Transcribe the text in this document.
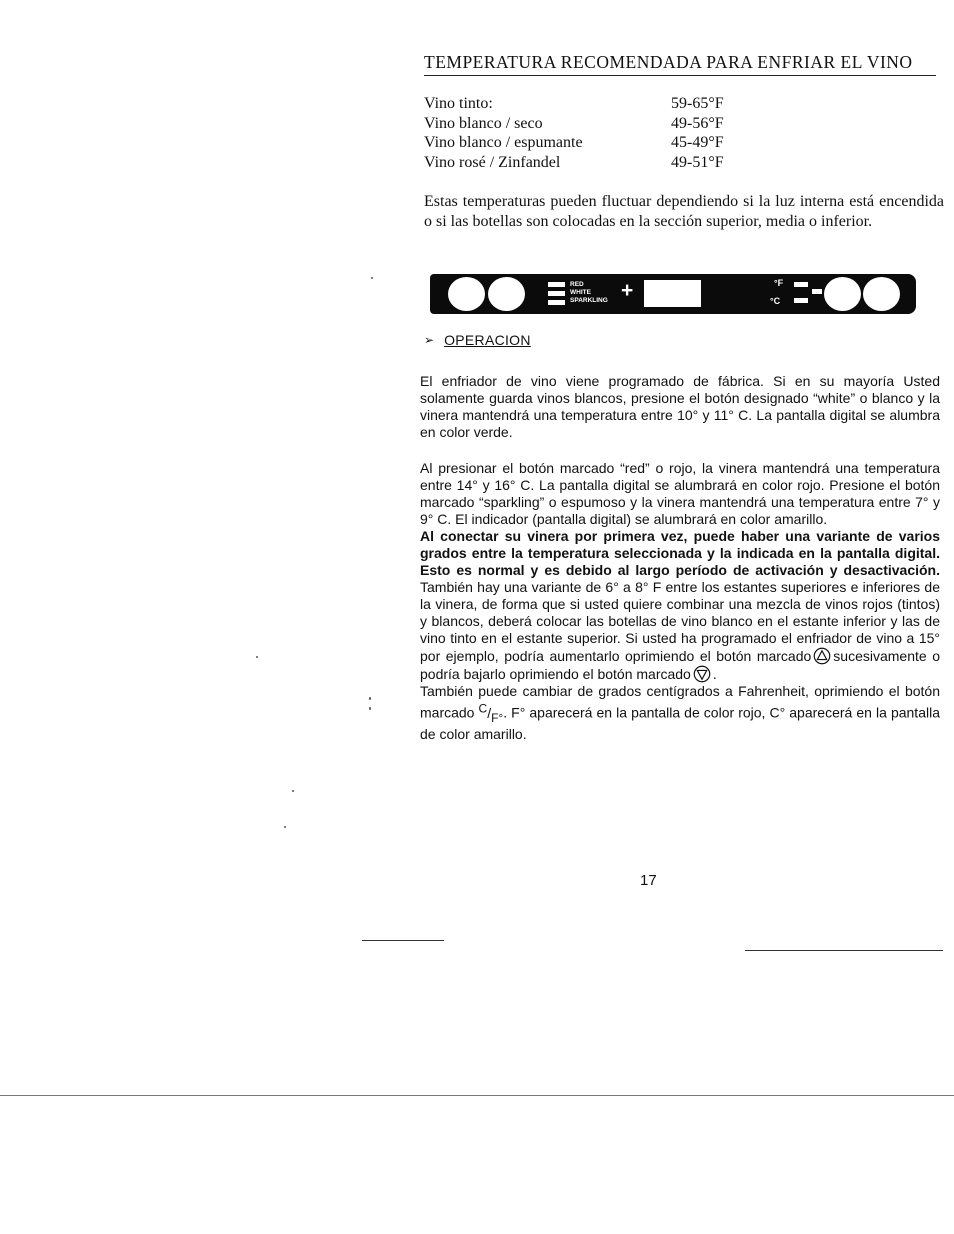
TEMPERATURA RECOMENDADA PARA ENFRIAR EL VINO
Vino tinto:	59-65°F
Vino blanco / seco	49-56°F
Vino blanco / espumante	45-49°F
Vino rosé / Zinfandel	49-51°F
Estas temperaturas pueden fluctuar dependiendo si la luz interna está encendida o si las botellas son colocadas en la sección superior, media o inferior.
RED
WHITE
SPARKLING +	°F
°C
➢ OPERACION
El enfriador de vino viene programado de fábrica. Si en su mayoría Usted solamente guarda vinos blancos, presione el botón designado “white” o blanco y la vinera mantendrá una temperatura entre 10° y 11° C. La pantalla digital se alumbra en color verde.
Al presionar el botón marcado “red” o rojo, la vinera mantendrá una temperatura entre 14° y 16° C. La pantalla digital se alumbrará en color rojo. Presione el botón marcado “sparkling” o espumoso y la vinera mantendrá una temperatura entre 7° y 9° C. El indicador (pantalla digital) se alumbrará en color amarillo.
Al conectar su vinera por primera vez, puede haber una variante de varios grados entre la temperatura seleccionada y la indicada en la pantalla digital. Esto es normal y es debido al largo período de activación y desactivación. También hay una variante de 6° a 8° F entre los estantes superiores e inferiores de la vinera, de forma que si usted quiere combinar una mezcla de vinos rojos (tintos) y blancos, deberá colocar las botellas de vino blanco en el estante inferior y las de vino tinto en el estante superior. Si usted ha programado el enfriador de vino a 15° por ejemplo, podría aumentarlo oprimiendo el botón marcado sucesivamente o podría bajarlo oprimiendo el botón marcado .
También puede cambiar de grados centígrados a Fahrenheit, oprimiendo el botón marcado $^C/_{F^\circ}$. F° aparecerá en la pantalla de color rojo, C° aparecerá en la pantalla de color amarillo.
17
